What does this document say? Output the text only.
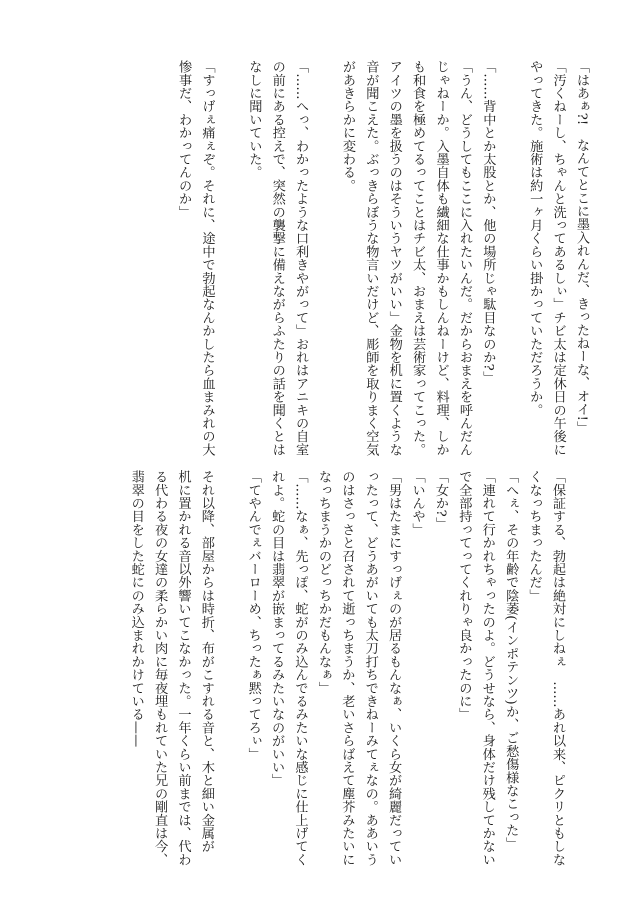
「はあぁ?!　なんてとこに墨入れんだ、きったねーな、オイ!」
「汚くねーし、ちゃんと洗ってあるしぃ」チビ太は定休日の午後に
やってきた。施術は約一ヶ月くらい掛かっていただろうか。

「……背中とか太股とか、他の場所じゃ駄目なのか?」
「うん、どうしてもここに入れたいんだ。だからおまえを呼んだん
じゃねーか。入墨自体も繊細な仕事かもしんねーけど、料理、しか
も和食を極めてるってことはチビ太、おまえは芸術家ってこった。
アイツの墨を扱うのはそういうヤツがいい」金物を机に置くような
音が聞こえた。ぶっきらぼうな物言いだけど、彫師を取りまく空気
があきらかに変わる。

「……へっ、わかったような口利きやがって」おれはアニキの自室
の前にある控えで、突然の襲撃に備えながらふたりの話を聞くとは
なしに聞いていた。

「すっげぇ痛ぇぞ。それに、途中で勃起なんかしたら血まみれの大
惨事だ、わかってんのか」
「保証する、勃起は絶対にしねぇ　……あれ以来、ピクリともしな
くなっちまったんだ」
「へぇ、その年齢で陰萎(インポテンツ)か、ご愁傷様なこった」
「連れて行かれちゃったのよ。どうせなら、身体だけ残してかない
で全部持ってってくれりゃ良かったのに」
「女か?」
「いんや」
「男はたまにすっげぇのが居るもんなぁ、いくら女が綺麗だってい
ったって、どうあがいても太刀打ちできねーみてぇなの。ああいう
のはさっさと召されて逝っちまうか、老いさらばえて塵芥みたいに
なっちまうかのどっちかだもんなぁ」
「……なぁ、先っぽ、蛇がのみ込んでるみたいな感じに仕上げてく
れよ。蛇の目は翡翠が嵌まってるみたいなのがいい」
「てやんでぇバーローめ、ちったぁ黙ってろぃ」

それ以降、部屋からは時折、布がこすれる音と、木と細い金属が
机に置かれる音以外響いてこなかった。一年くらい前までは、代わ
る代わる夜の女達の柔らかい肉に毎夜埋もれていた兄の剛直は今、
翡翠の目をした蛇にのみ込まれかけている——
